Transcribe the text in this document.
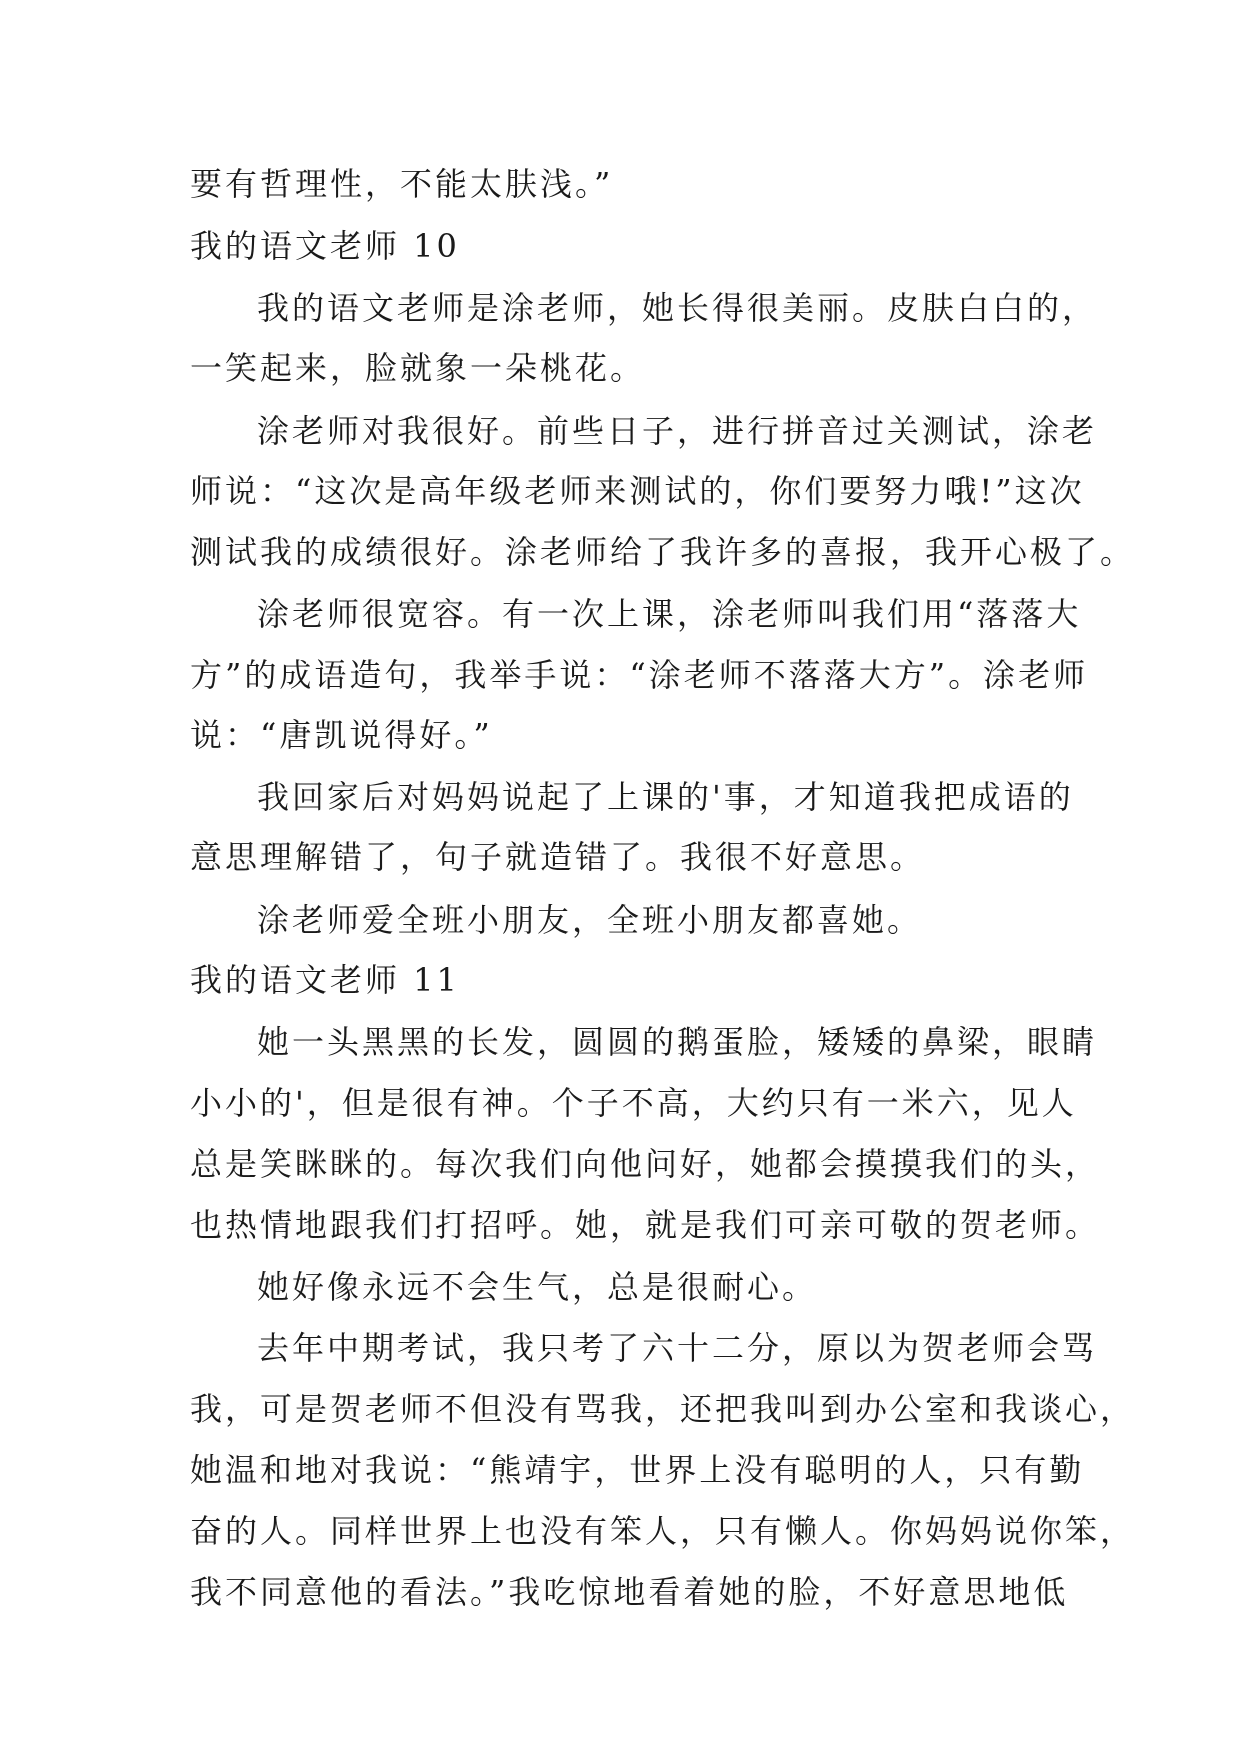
要有哲理性，不能太肤浅。”
我的语文老师 10
我的语文老师是涂老师，她长得很美丽。皮肤白白的，
一笑起来，脸就象一朵桃花。
涂老师对我很好。前些日子，进行拼音过关测试，涂老
师说：“这次是高年级老师来测试的，你们要努力哦!”这次
测试我的成绩很好。涂老师给了我许多的喜报，我开心极了。
涂老师很宽容。有一次上课，涂老师叫我们用“落落大
方”的成语造句，我举手说：“涂老师不落落大方”。涂老师
说：“唐凯说得好。”
我回家后对妈妈说起了上课的'事，才知道我把成语的
意思理解错了，句子就造错了。我很不好意思。
涂老师爱全班小朋友，全班小朋友都喜她。
我的语文老师 11
她一头黑黑的长发，圆圆的鹅蛋脸，矮矮的鼻梁，眼睛
小小的'，但是很有神。个子不高，大约只有一米六，见人
总是笑眯眯的。每次我们向他问好，她都会摸摸我们的头，
也热情地跟我们打招呼。她，就是我们可亲可敬的贺老师。
她好像永远不会生气，总是很耐心。
去年中期考试，我只考了六十二分，原以为贺老师会骂
我，可是贺老师不但没有骂我，还把我叫到办公室和我谈心，
她温和地对我说：“熊靖宇，世界上没有聪明的人，只有勤
奋的人。同样世界上也没有笨人，只有懒人。你妈妈说你笨，
我不同意他的看法。”我吃惊地看着她的脸，不好意思地低
